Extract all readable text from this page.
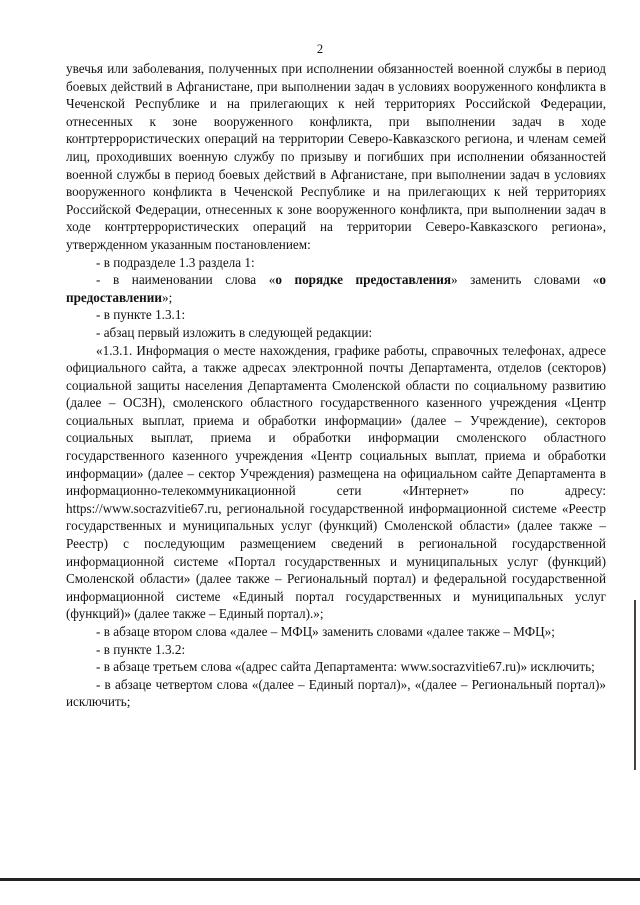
2

увечья или заболевания, полученных при исполнении обязанностей военной службы в период боевых действий в Афганистане, при выполнении задач в условиях вооруженного конфликта в Чеченской Республике и на прилегающих к ней территориях Российской Федерации, отнесенных к зоне вооруженного конфликта, при выполнении задач в ходе контртеррористических операций на территории Северо-Кавказского региона, и членам семей лиц, проходивших военную службу по призыву и погибших при исполнении обязанностей военной службы в период боевых действий в Афганистане, при выполнении задач в условиях вооруженного конфликта в Чеченской Республике и на прилегающих к ней территориях Российской Федерации, отнесенных к зоне вооруженного конфликта, при выполнении задач в ходе контртеррористических операций на территории Северо-Кавказского региона», утвержденном указанным постановлением:

- в подразделе 1.3 раздела 1:

- в наименовании слова «о порядке предоставления» заменить словами «о предоставлении»;

- в пункте 1.3.1:

- абзац первый изложить в следующей редакции:

«1.3.1. Информация о месте нахождения, графике работы, справочных телефонах, адресе официального сайта, а также адресах электронной почты Департамента, отделов (секторов) социальной защиты населения Департамента Смоленской области по социальному развитию (далее – ОСЗН), смоленского областного государственного казенного учреждения «Центр социальных выплат, приема и обработки информации» (далее – Учреждение), секторов социальных выплат, приема и обработки информации смоленского областного государственного казенного учреждения «Центр социальных выплат, приема и обработки информации» (далее – сектор Учреждения) размещена на официальном сайте Департамента в информационно-телекоммуникационной сети «Интернет» по адресу: https://www.socrazvitie67.ru, региональной государственной информационной системе «Реестр государственных и муниципальных услуг (функций) Смоленской области» (далее также – Реестр) с последующим размещением сведений в региональной государственной информационной системе «Портал государственных и муниципальных услуг (функций) Смоленской области» (далее также – Региональный портал) и федеральной государственной информационной системе «Единый портал государственных и муниципальных услуг (функций)» (далее также – Единый портал).»;

- в абзаце втором слова «далее – МФЦ» заменить словами «далее также – МФЦ»;

- в пункте 1.3.2:

- в абзаце третьем слова «(адрес сайта Департамента: www.socrazvitie67.ru)» исключить;

- в абзаце четвертом слова «(далее – Единый портал)», «(далее – Региональный портал)» исключить;
